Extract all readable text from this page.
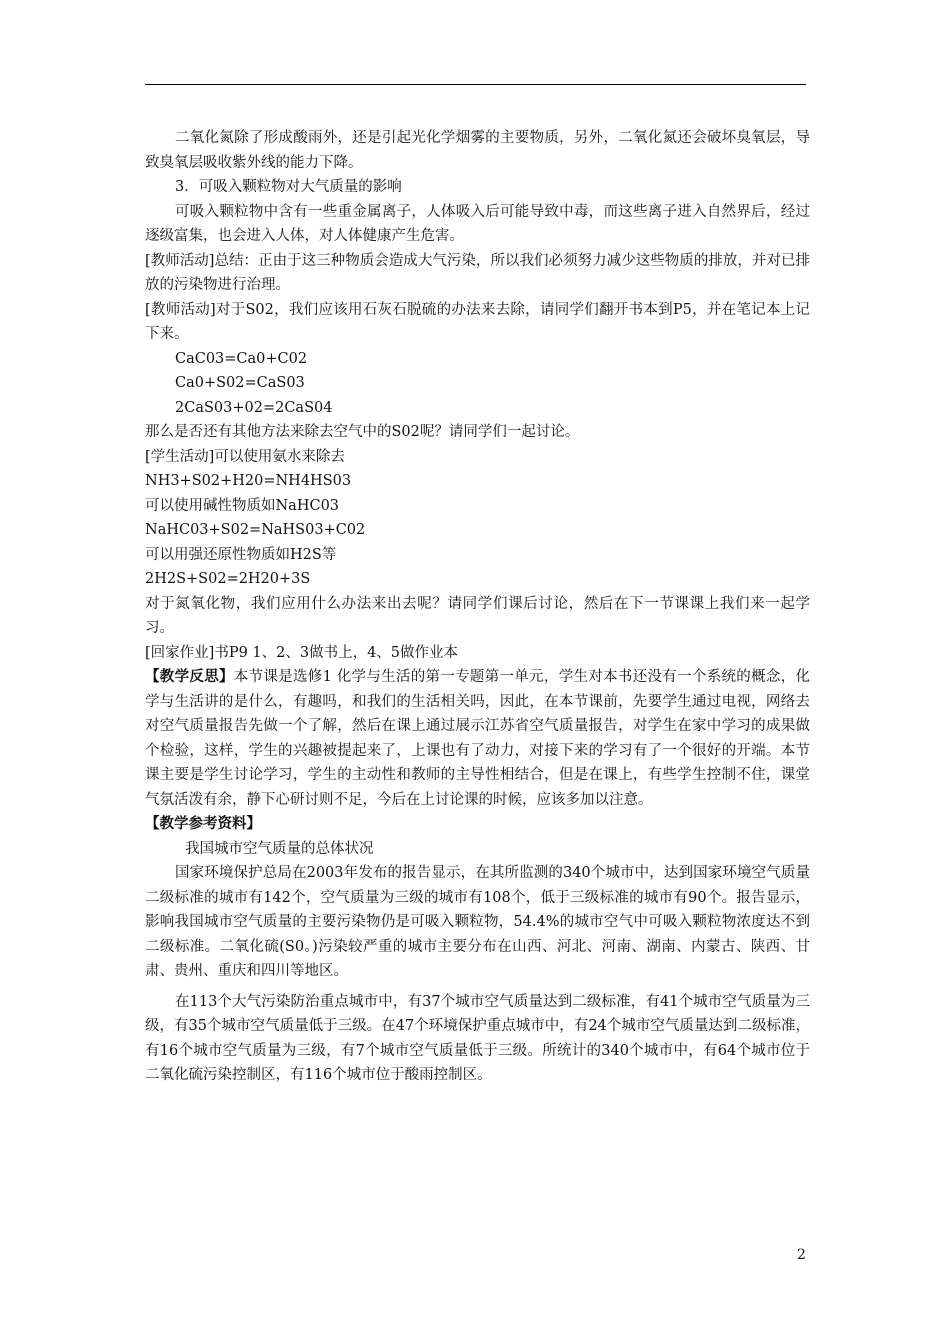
二氧化氮除了形成酸雨外，还是引起光化学烟雾的主要物质，另外，二氧化氮还会破坏臭氧层，导致臭氧层吸收紫外线的能力下降。

3．可吸入颗粒物对大气质量的影响

可吸入颗粒物中含有一些重金属离子，人体吸入后可能导致中毒，而这些离子进入自然界后，经过逐级富集，也会进入人体，对人体健康产生危害。

[教师活动]总结：正由于这三种物质会造成大气污染，所以我们必须努力减少这些物质的排放，并对已排放的污染物进行治理。

[教师活动]对于S02，我们应该用石灰石脱硫的办法来去除，请同学们翻开书本到P5，并在笔记本上记下来。

CaC03=Ca0+C02

Ca0+S02=CaS03

2CaS03+02=2CaS04

那么是否还有其他方法来除去空气中的S02呢？请同学们一起讨论。

[学生活动]可以使用氨水来除去

NH3+S02+H20=NH4HS03

可以使用碱性物质如NaHC03

NaHC03+S02=NaHS03+C02

可以用强还原性物质如H2S等

2H2S+S02=2H20+3S

对于氮氧化物，我们应用什么办法来出去呢？请同学们课后讨论，然后在下一节课课上我们来一起学习。

[回家作业]书P9 1、2、3做书上，4、5做作业本

【教学反思】本节课是选修1 化学与生活的第一专题第一单元，学生对本书还没有一个系统的概念，化学与生活讲的是什么，有趣吗，和我们的生活相关吗，因此，在本节课前，先要学生通过电视，网络去对空气质量报告先做一个了解，然后在课上通过展示江苏省空气质量报告，对学生在家中学习的成果做个检验，这样，学生的兴趣被提起来了，上课也有了动力，对接下来的学习有了一个很好的开端。本节课主要是学生讨论学习，学生的主动性和教师的主导性相结合，但是在课上，有些学生控制不住，课堂气氛活泼有余，静下心研讨则不足，今后在上讨论课的时候，应该多加以注意。

【教学参考资料】

我国城市空气质量的总体状况

国家环境保护总局在2003年发布的报告显示，在其所监测的340个城市中，达到国家环境空气质量二级标准的城市有142个，空气质量为三级的城市有108个，低于三级标准的城市有90个。报告显示，影响我国城市空气质量的主要污染物仍是可吸入颗粒物，54.4%的城市空气中可吸入颗粒物浓度达不到二级标准。二氧化硫(S0。)污染较严重的城市主要分布在山西、河北、河南、湖南、内蒙古、陕西、甘肃、贵州、重庆和四川等地区。

在113个大气污染防治重点城市中，有37个城市空气质量达到二级标准，有41个城市空气质量为三级，有35个城市空气质量低于三级。在47个环境保护重点城市中，有24个城市空气质量达到二级标准，有16个城市空气质量为三级，有7个城市空气质量低于三级。所统计的340个城市中，有64个城市位于二氧化硫污染控制区，有116个城市位于酸雨控制区。

2
